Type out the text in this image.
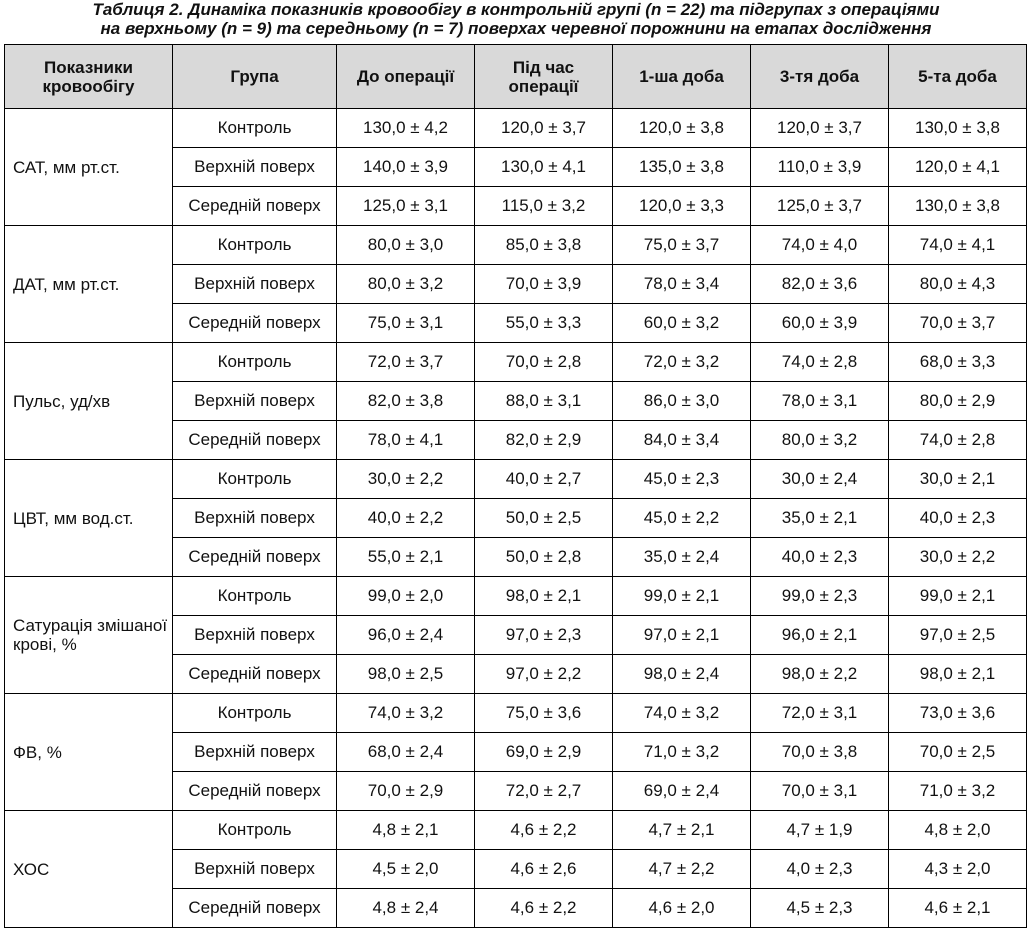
Таблиця 2. Динаміка показників кровообігу в контрольній групі (n = 22) та підгрупах з операціями
на верхньому (n = 9) та середньому (n = 7) поверхах черевної порожнини на етапах дослідження
Показники кровообігу	Група	До операції	Під час операції	1-ша доба	3-тя доба	5-та доба
САТ, мм рт.ст.	Контроль	130,0 ± 4,2	120,0 ± 3,7	120,0 ± 3,8	120,0 ± 3,7	130,0 ± 3,8
	Верхній поверх	140,0 ± 3,9	130,0 ± 4,1	135,0 ± 3,8	110,0 ± 3,9	120,0 ± 4,1
	Середній поверх	125,0 ± 3,1	115,0 ± 3,2	120,0 ± 3,3	125,0 ± 3,7	130,0 ± 3,8
ДАТ, мм рт.ст.	Контроль	80,0 ± 3,0	85,0 ± 3,8	75,0 ± 3,7	74,0 ± 4,0	74,0 ± 4,1
	Верхній поверх	80,0 ± 3,2	70,0 ± 3,9	78,0 ± 3,4	82,0 ± 3,6	80,0 ± 4,3
	Середній поверх	75,0 ± 3,1	55,0 ± 3,3	60,0 ± 3,2	60,0 ± 3,9	70,0 ± 3,7
Пульс, уд/хв	Контроль	72,0 ± 3,7	70,0 ± 2,8	72,0 ± 3,2	74,0 ± 2,8	68,0 ± 3,3
	Верхній поверх	82,0 ± 3,8	88,0 ± 3,1	86,0 ± 3,0	78,0 ± 3,1	80,0 ± 2,9
	Середній поверх	78,0 ± 4,1	82,0 ± 2,9	84,0 ± 3,4	80,0 ± 3,2	74,0 ± 2,8
ЦВТ, мм вод.ст.	Контроль	30,0 ± 2,2	40,0 ± 2,7	45,0 ± 2,3	30,0 ± 2,4	30,0 ± 2,1
	Верхній поверх	40,0 ± 2,2	50,0 ± 2,5	45,0 ± 2,2	35,0 ± 2,1	40,0 ± 2,3
	Середній поверх	55,0 ± 2,1	50,0 ± 2,8	35,0 ± 2,4	40,0 ± 2,3	30,0 ± 2,2
Сатурація змішаної крові, %	Контроль	99,0 ± 2,0	98,0 ± 2,1	99,0 ± 2,1	99,0 ± 2,3	99,0 ± 2,1
	Верхній поверх	96,0 ± 2,4	97,0 ± 2,3	97,0 ± 2,1	96,0 ± 2,1	97,0 ± 2,5
	Середній поверх	98,0 ± 2,5	97,0 ± 2,2	98,0 ± 2,4	98,0 ± 2,2	98,0 ± 2,1
ФВ, %	Контроль	74,0 ± 3,2	75,0 ± 3,6	74,0 ± 3,2	72,0 ± 3,1	73,0 ± 3,6
	Верхній поверх	68,0 ± 2,4	69,0 ± 2,9	71,0 ± 3,2	70,0 ± 3,8	70,0 ± 2,5
	Середній поверх	70,0 ± 2,9	72,0 ± 2,7	69,0 ± 2,4	70,0 ± 3,1	71,0 ± 3,2
ХОС	Контроль	4,8 ± 2,1	4,6 ± 2,2	4,7 ± 2,1	4,7 ± 1,9	4,8 ± 2,0
	Верхній поверх	4,5 ± 2,0	4,6 ± 2,6	4,7 ± 2,2	4,0 ± 2,3	4,3 ± 2,0
	Середній поверх	4,8 ± 2,4	4,6 ± 2,2	4,6 ± 2,0	4,5 ± 2,3	4,6 ± 2,1
